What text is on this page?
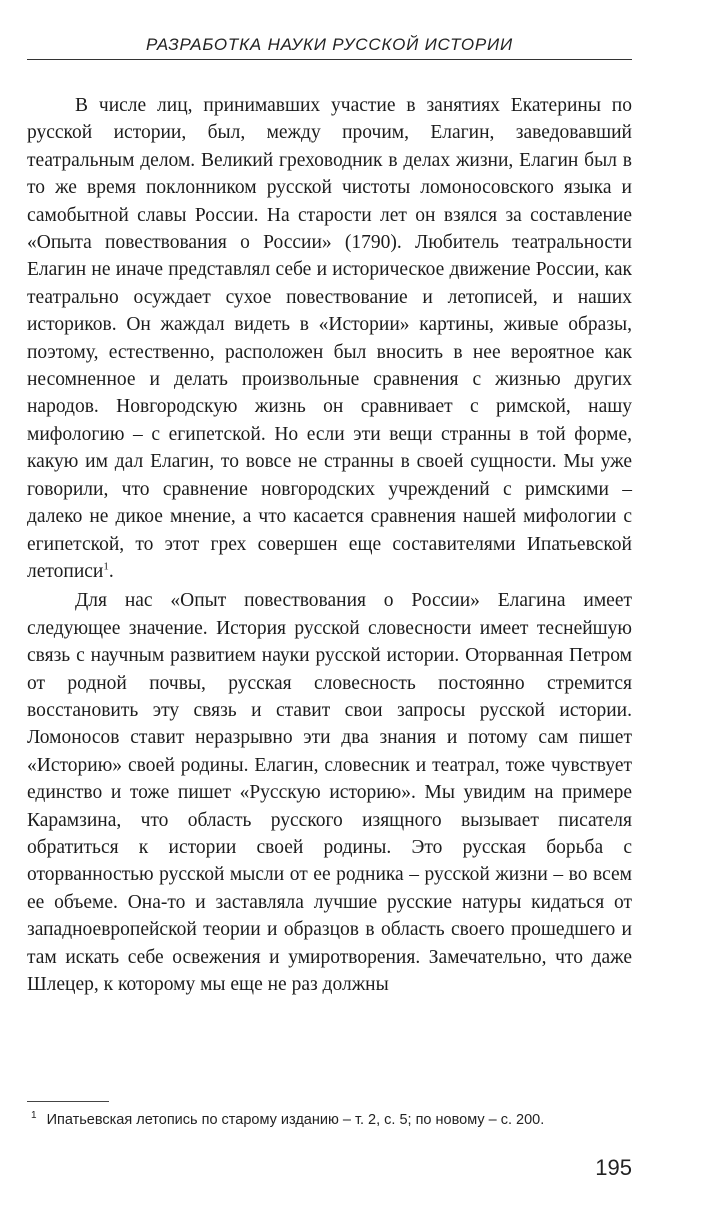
РАЗРАБОТКА НАУКИ РУССКОЙ ИСТОРИИ

В числе лиц, принимавших участие в занятиях Екатерины по русской истории, был, между прочим, Елагин, заведовавший театральным делом. Великий греховодник в делах жизни, Елагин был в то же время поклонником русской чистоты ломоносовского языка и самобытной славы России. На старости лет он взялся за составление «Опыта повествования о России» (1790). Любитель театральности Елагин не иначе представлял себе и историческое движение России, как театрально осуждает сухое повествование и летописей, и наших историков. Он жаждал видеть в «Истории» картины, живые образы, поэтому, естественно, расположен был вносить в нее вероятное как несомненное и делать произвольные сравнения с жизнью других народов. Новгородскую жизнь он сравнивает с римской, нашу мифологию – с египетской. Но если эти вещи странны в той форме, какую им дал Елагин, то вовсе не странны в своей сущности. Мы уже говорили, что сравнение новгородских учреждений с римскими – далеко не дикое мнение, а что касается сравнения нашей мифологии с египетской, то этот грех совершен еще составителями Ипатьевской летописи$^1$.

Для нас «Опыт повествования о России» Елагина имеет следующее значение. История русской словесности имеет теснейшую связь с научным развитием науки русской истории. Оторванная Петром от родной почвы, русская словесность постоянно стремится восстановить эту связь и ставит свои запросы русской истории. Ломоносов ставит неразрывно эти два знания и потому сам пишет «Историю» своей родины. Елагин, словесник и театрал, тоже чувствует единство и тоже пишет «Русскую историю». Мы увидим на примере Карамзина, что область русского изящного вызывает писателя обратиться к истории своей родины. Это русская борьба с оторванностью русской мысли от ее родника – русской жизни – во всем ее объеме. Она-то и заставляла лучшие русские натуры кидаться от западноевропейской теории и образцов в область своего прошедшего и там искать себе освежения и умиротворения. Замечательно, что даже Шлецер, к которому мы еще не раз должны

$^1$ Ипатьевская летопись по старому изданию – т. 2, с. 5; по новому – с. 200.
195
